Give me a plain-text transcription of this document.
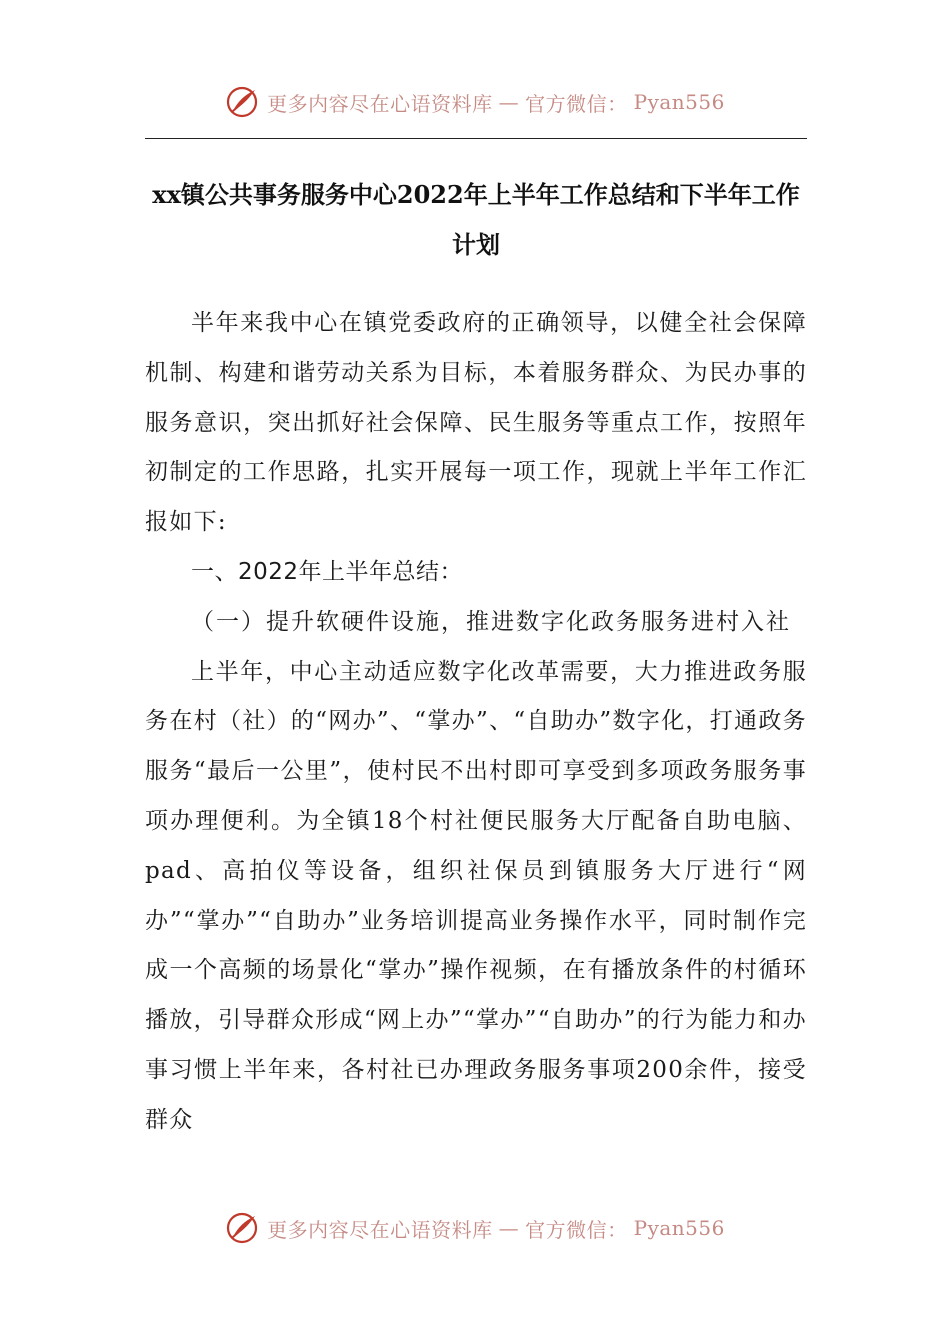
更多内容尽在心语资料库 — 官方微信： Pyan556
xx镇公共事务服务中心2022年上半年工作总结和下半年工作计划

半年来我中心在镇党委政府的正确领导，以健全社会保障机制、构建和谐劳动关系为目标，本着服务群众、为民办事的服务意识，突出抓好社会保障、民生服务等重点工作，按照年初制定的工作思路，扎实开展每一项工作，现就上半年工作汇报如下:

一、2022年上半年总结：

（一）提升软硬件设施，推进数字化政务服务进村入社

上半年，中心主动适应数字化改革需要，大力推进政务服务在村（社）的“网办”、“掌办”、“自助办”数字化，打通政务服务“最后一公里”，使村民不出村即可享受到多项政务服务事项办理便利。为全镇18个村社便民服务大厅配备自助电脑、pad、高拍仪等设备，组织社保员到镇服务大厅进行“网办”“掌办”“自助办”业务培训提高业务操作水平，同时制作完成一个高频的场景化“掌办”操作视频，在有播放条件的村循环播放，引导群众形成“网上办”“掌办”“自助办”的行为能力和办事习惯上半年来，各村社已办理政务服务事项200余件，接受群众

更多内容尽在心语资料库 — 官方微信： Pyan556
